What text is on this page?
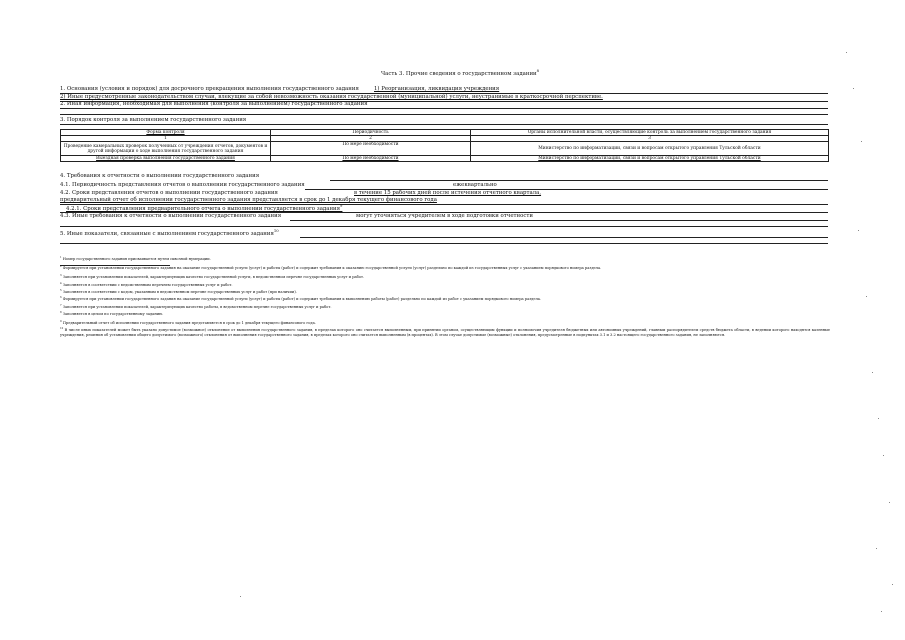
Часть 3. Прочие сведения о государственном задании$^8$
1. Основания (условия и порядок) для досрочного прекращения выполнения государственного задания	1) Реорганизация, ликвидация учреждения
2) Иные предусмотренные законодательством случаи, влекущие за собой невозможность оказания государственной (муниципальной) услуги, неустранимые в краткосрочной перспективе.
2. Иная информация, необходимая для выполнения (контроля за выполнением) государственного задания
3. Порядок контроля за выполнением государственного задания
Форма контроля	Периодичность	Органы исполнительной власти, осуществляющие контроль за выполнением государственного задания
1	2	3
Проведение камеральных проверок полученных от учреждения отчетов, документов и другой информации о ходе выполнения государственного задания	По мере необходимости	Министерство по информатизации, связи и вопросам открытого управления Тульской области
Выездная проверка выполнения государственного задания	По мере необходимости	Министерство по информатизации, связи и вопросам открытого управления Тульской области
4. Требования к отчетности о выполнении государственного задания
4.1. Периодичность представления отчетов о выполнении государственного задания	ежеквартально
4.2. Сроки представления отчетов о выполнении государственного задания	в течение 15 рабочих дней после истечения отчетного квартала,
предварительный отчет об исполнении государственного задания представляется в срок до 1 декабря текущего финансового года
4.2.1. Сроки представления предварительного отчета о выполнении государственного задания$^9$
4.3. Иные требования к отчетности о выполнении государственного задания	могут уточняться учредителем в ходе подготовки отчетности
5. Иные показатели, связанные с выполнением государственного задания$^{10}$
$^1$ Номер государственного задания присваивается путем сквозной нумерации.
$^2$ Формируется при установлении государственного задания на оказание государственной услуги (услуг) и работы (работ) и содержит требования к оказанию государственной услуги (услуг) раздельно по каждой из государственных услуг с указанием порядкового номера раздела.
$^3$ Заполняется при установлении показателей, характеризующих качество государственной услуги, в ведомственном перечне государственных услуг и работ.
$^4$ Заполняется в соответствии с ведомственным перечнем государственных услуг и работ.
$^5$ Заполняется в соответствии с кодом, указанным в ведомственном перечне государственных услуг и работ (при наличии).
$^6$ Формируется при установлении государственного задания на оказание государственной услуги (услуг) и работы (работ) и содержит требования к выполнению работы (работ) раздельно по каждой из работ с указанием порядкового номера раздела.
$^7$ Заполняется при установлении показателей, характеризующих качество работы, в ведомственном перечне государственных услуг и работ.
$^8$ Заполняется в целом по государственному заданию.
$^9$ Предварительный отчет об исполнении государственного задания представляется в срок до 1 декабря текущего финансового года.
$^{10}$ В числе иных показателей может быть указано допустимое (возможное) отклонение от выполнения государственного задания, в пределах которого оно считается выполненным, при принятии органом, осуществляющим функции и полномочия учредителя бюджетных или автономных учреждений, главным распорядителем средств бюджета области, в ведении которого находятся казенные учреждения, решения об установлении общего допустимого (возможного) отклонения от выполнения государственного задания, в пределах которого оно считается выполненным (в процентах). В этом случае допустимые (возможные) отклонения, предусмотренные в подпунктах 3.1 и 3.2 настоящего государственного задания, не заполняются.
